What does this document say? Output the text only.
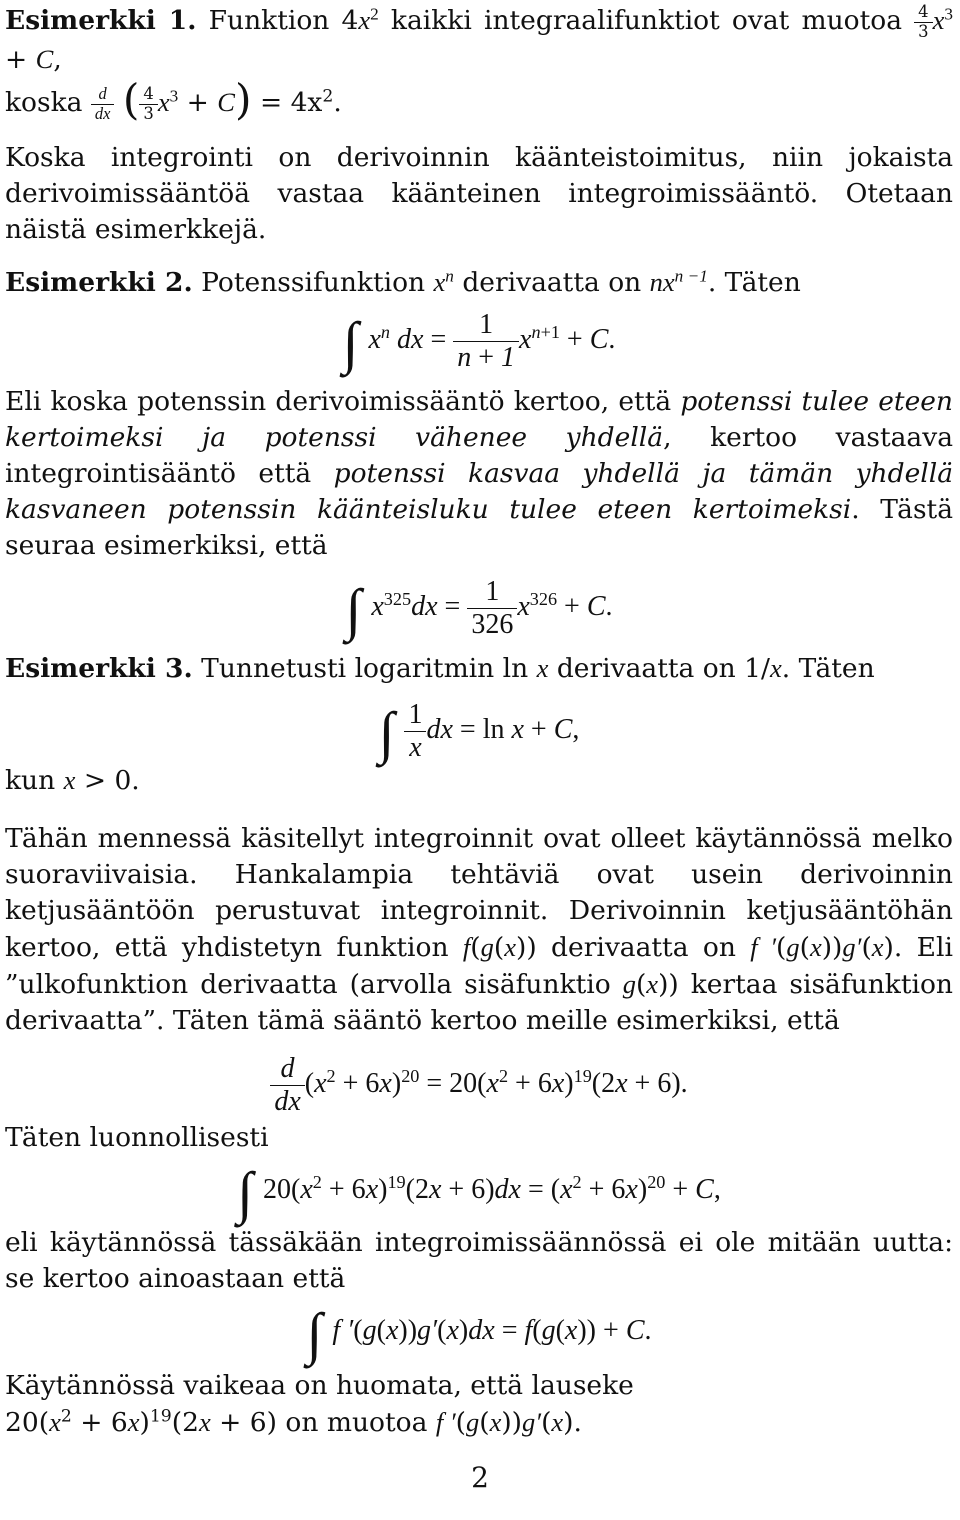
Esimerkki 1. Funktion $4x^2$ kaikki integraalifunktiot ovat muotoa $\frac{4}{3} x^3 + C$,

koska $\frac{d}{dx}$ ( $\frac{4}{3} x^3 + C) = 4x^2$.

Koska integrointi on derivoinnin käänteistoimitus, niin jokaista derivoimissääntöä vastaa käänteinen integroimissääntö. Otetaan näistä esimerkkejä.

Esimerkki 2. Potenssifunktion $x^n$ derivaatta on $nx^{n -1}$. Täten

∫ $x^n$ dx = $\frac{1}{n + 1} x^{n+1} + C$.

Eli koska potenssin derivoimissääntö kertoo, että potenssi tulee eteen kertoimeksi ja potenssi vähenee yhdellä, kertoo vastaava integrointisääntö että potenssi kasvaa yhdellä ja tämän yhdellä kasvaneen potenssin käänteisluku tulee eteen kertoimeksi. Tästä seuraa esimerkiksi, että

∫ $x^{325}dx = \frac{1}{326} x^{326} + C$.

Esimerkki 3. Tunnetusti logaritmin ln x derivaatta on 1/x. Täten

∫ $\frac{1}{x}$ dx = ln x + C,

kun x > 0.

Tähän mennessä käsitellyt integroinnit ovat olleet käytännössä melko suoraviivaisia. Hankalampia tehtäviä ovat usein derivoinnin ketjusääntöön perustuvat integroinnit. Derivoinnin ketjusääntöhän kertoo, että yhdistetyn funktion f(g(x)) derivaatta on f ′(g(x))g′(x). Eli ”ulkofunktion derivaatta (arvolla sisäfunktio g(x)) kertaa sisäfunktion derivaatta”. Täten tämä sääntö kertoo meille esimerkiksi, että

$\frac{d}{dx} (x^2 + 6x)^{20} = 20(x^2 + 6x)^{19}(2x + 6)$.

Täten luonnollisesti

∫ $20(x^2 + 6x)^{19}(2x + 6)dx = (x^2 + 6x)^{20} + C$,

eli käytännössä tässäkään integroimissäännössä ei ole mitään uutta: se kertoo ainoastaan että

∫ f ′(g(x))g′(x)dx = f(g(x)) + C.

Käytännössä vaikeaa on huomata, että lauseke
$20(x^2 + 6x)^{19}(2x + 6)$ on muotoa f ′(g(x))g′(x).

2
